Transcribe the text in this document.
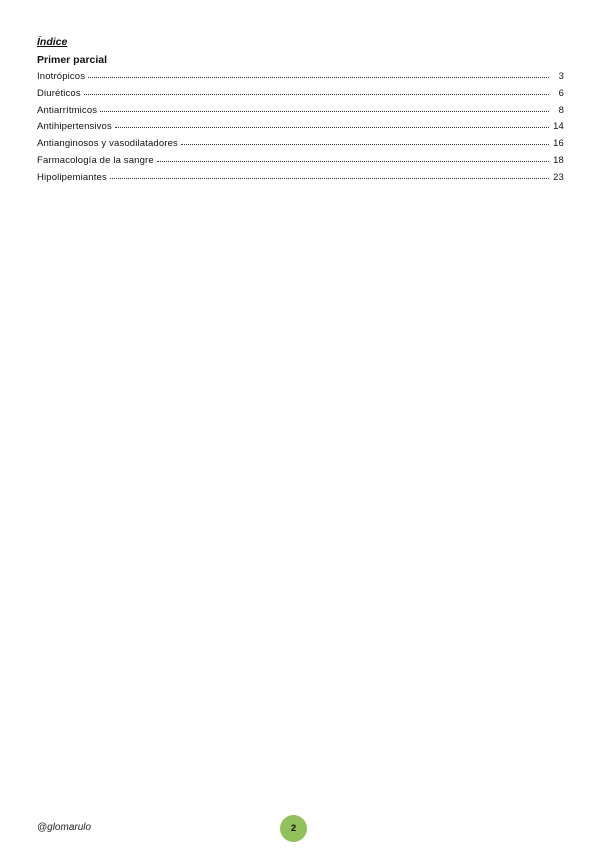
Índice
Primer parcial
Inotrópicos	3
Diuréticos	6
Antiarrítmicos	8
Antihipertensivos	14
Antianginosos y vasodilatadores	16
Farmacología de la sangre	18
Hipolipemiantes	23
@glomarulo	2
